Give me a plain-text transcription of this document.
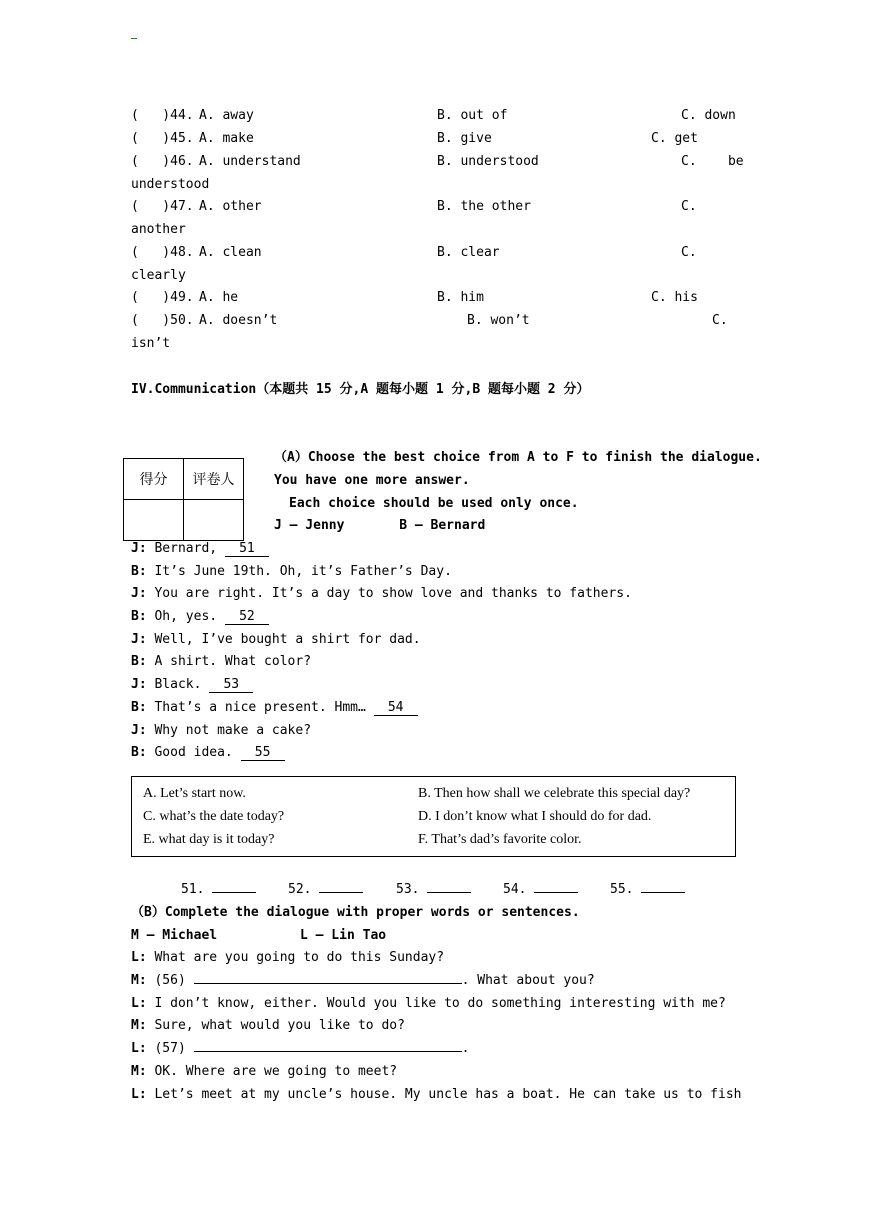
(   )44. A. away	B. out of	C. down
(   )45. A. make	B. give	C. get
(   )46. A. understand	B. understood	C.    be
understood
(   )47. A. other	B. the other	C.
another
(   )48. A. clean	B. clear	C.
clearly
(   )49. A. he	B. him	C. his
(   )50. A. doesn’t	B. won’t	C.
isn’t
IV.Communication（本题共 15 分,A 题每小题 1 分,B 题每小题 2 分）
得分	评卷人

（A）Choose the best choice from A to F to finish the dialogue.
You have one more answer.
Each choice should be used only once.
J — Jenny       B — Bernard
J: Bernard, 51
B: It’s June 19th. Oh, it’s Father’s Day.
J: You are right. It’s a day to show love and thanks to fathers.
B: Oh, yes. 52
J: Well, I’ve bought a shirt for dad.
B: A shirt. What color?
J: Black. 53
B: That’s a nice present. Hmm… 54
J: Why not make a cake?
B: Good idea. 55
A. Let’s start now.	B. Then how shall we celebrate this special day?
C. what’s the date today?	D. I don’t know what I should do for dad.
E. what day is it today?	F. That’s dad’s favorite color.
51.	52.	53.	54.	55.
（B）Complete the dialogue with proper words or sentences.
M — Michael	L — Lin Tao
L: What are you going to do this Sunday?
M: (56)	. What about you?
L: I don’t know, either. Would you like to do something interesting with me?
M: Sure, what would you like to do?
L: (57)	.
M: OK. Where are we going to meet?
L: Let’s meet at my uncle’s house. My uncle has a boat. He can take us to fish
